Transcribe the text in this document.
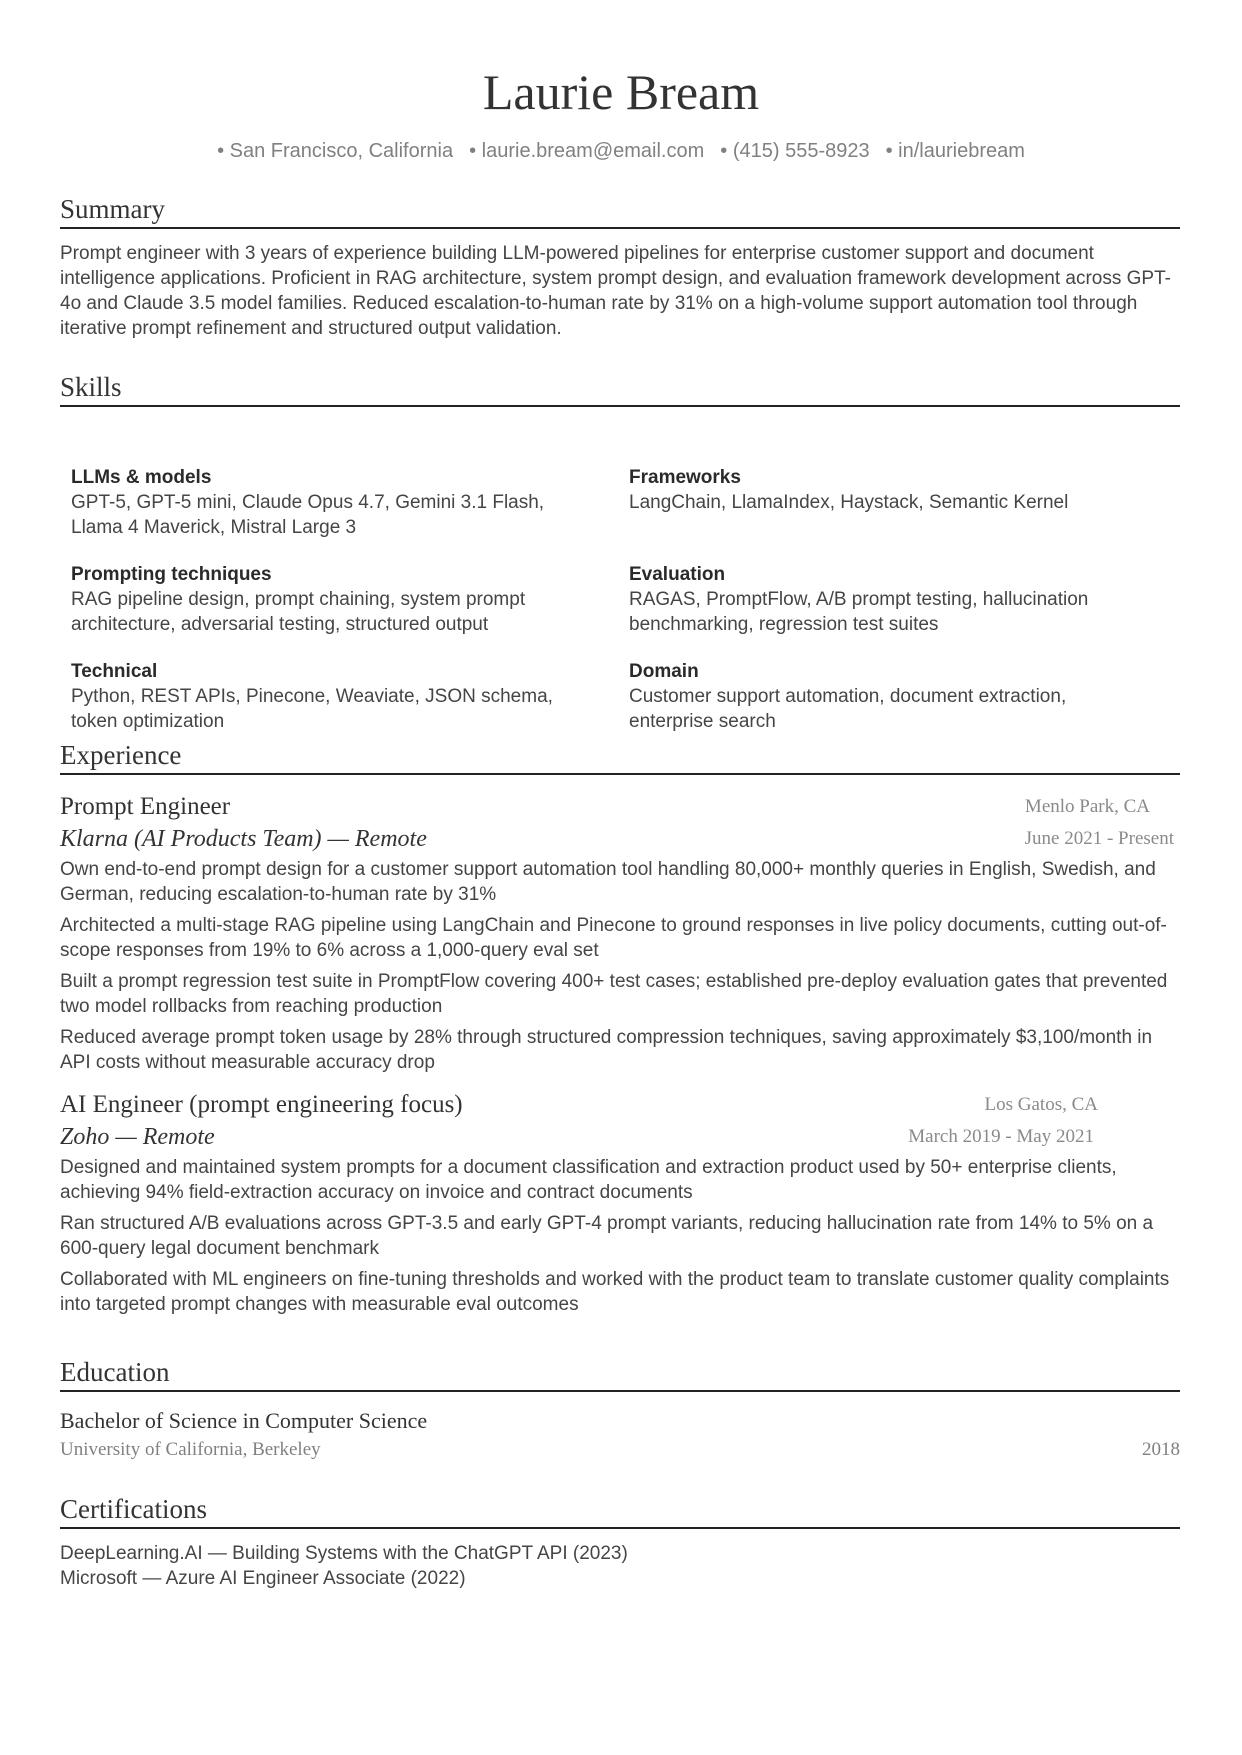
Laurie Bream
• San Francisco, California	• laurie.bream@email.com	• (415) 555-8923	• in/lauriebream
Summary
Prompt engineer with 3 years of experience building LLM-powered pipelines for enterprise customer support and document intelligence applications. Proficient in RAG architecture, system prompt design, and evaluation framework development across GPT-4o and Claude 3.5 model families. Reduced escalation-to-human rate by 31% on a high-volume support automation tool through iterative prompt refinement and structured output validation.
Skills
LLMs & models
GPT-5, GPT-5 mini, Claude Opus 4.7, Gemini 3.1 Flash, Llama 4 Maverick, Mistral Large 3
Frameworks
LangChain, LlamaIndex, Haystack, Semantic Kernel
Prompting techniques
RAG pipeline design, prompt chaining, system prompt architecture, adversarial testing, structured output
Evaluation
RAGAS, PromptFlow, A/B prompt testing, hallucination benchmarking, regression test suites
Technical
Python, REST APIs, Pinecone, Weaviate, JSON schema, token optimization
Domain
Customer support automation, document extraction, enterprise search
Experience
Prompt Engineer
Klarna (AI Products Team) — Remote
Menlo Park, CA
June 2021 - Present
Own end-to-end prompt design for a customer support automation tool handling 80,000+ monthly queries in English, Swedish, and German, reducing escalation-to-human rate by 31%
Architected a multi-stage RAG pipeline using LangChain and Pinecone to ground responses in live policy documents, cutting out-of-scope responses from 19% to 6% across a 1,000-query eval set
Built a prompt regression test suite in PromptFlow covering 400+ test cases; established pre-deploy evaluation gates that prevented two model rollbacks from reaching production
Reduced average prompt token usage by 28% through structured compression techniques, saving approximately $3,100/month in API costs without measurable accuracy drop
AI Engineer (prompt engineering focus)
Zoho — Remote
Los Gatos, CA
March 2019 - May 2021
Designed and maintained system prompts for a document classification and extraction product used by 50+ enterprise clients, achieving 94% field-extraction accuracy on invoice and contract documents
Ran structured A/B evaluations across GPT-3.5 and early GPT-4 prompt variants, reducing hallucination rate from 14% to 5% on a 600-query legal document benchmark
Collaborated with ML engineers on fine-tuning thresholds and worked with the product team to translate customer quality complaints into targeted prompt changes with measurable eval outcomes
Education
Bachelor of Science in Computer Science
University of California, Berkeley	2018
Certifications
DeepLearning.AI — Building Systems with the ChatGPT API (2023)
Microsoft — Azure AI Engineer Associate (2022)
